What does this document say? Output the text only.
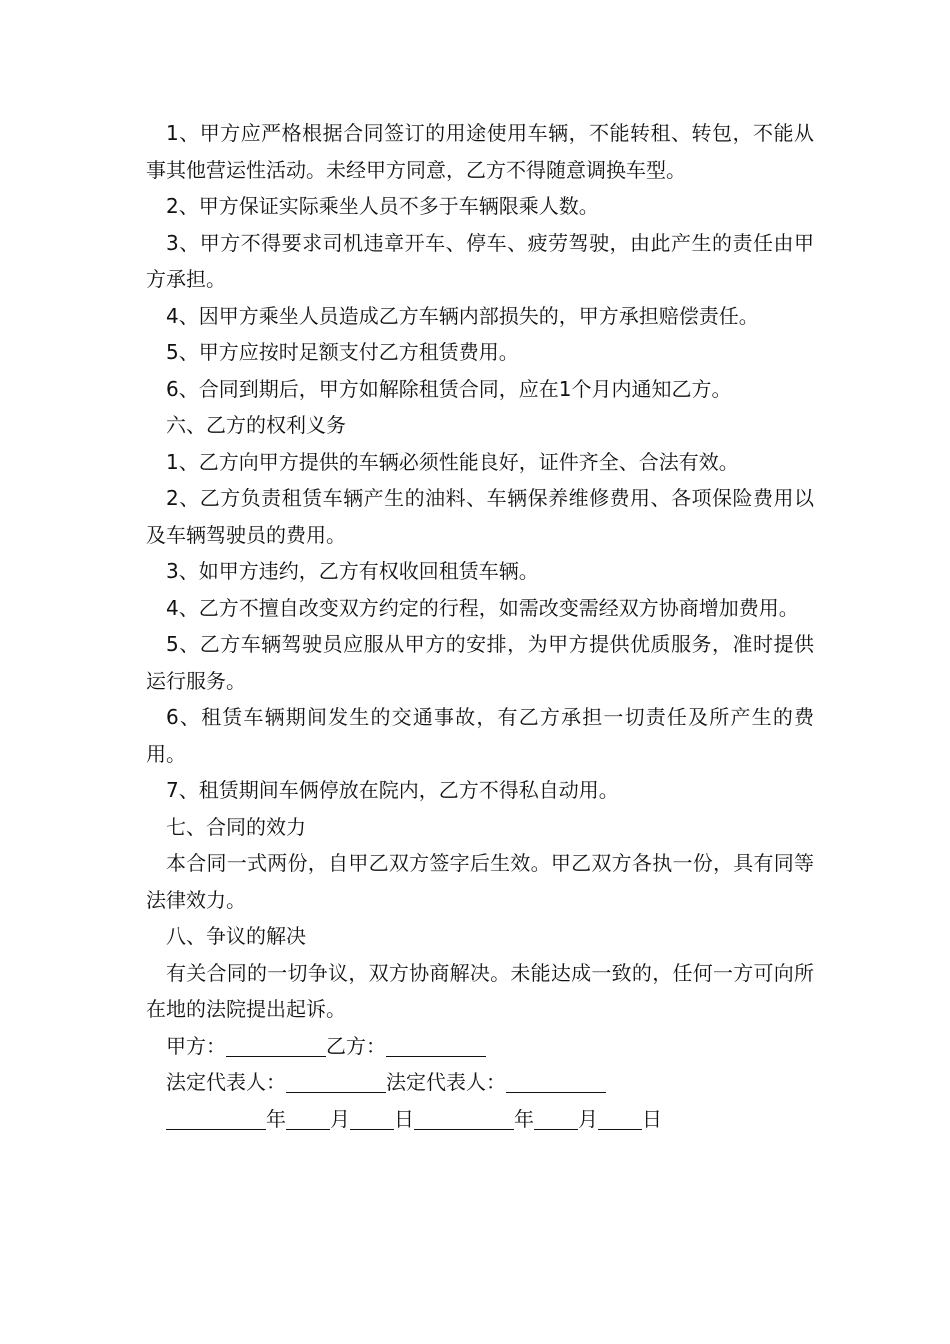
1、甲方应严格根据合同签订的用途使用车辆，不能转租、转包，不能从事其他营运性活动。未经甲方同意，乙方不得随意调换车型。

2、甲方保证实际乘坐人员不多于车辆限乘人数。

3、甲方不得要求司机违章开车、停车、疲劳驾驶，由此产生的责任由甲方承担。

4、因甲方乘坐人员造成乙方车辆内部损失的，甲方承担赔偿责任。

5、甲方应按时足额支付乙方租赁费用。

6、合同到期后，甲方如解除租赁合同，应在1个月内通知乙方。

六、乙方的权利义务

1、乙方向甲方提供的车辆必须性能良好，证件齐全、合法有效。

2、乙方负责租赁车辆产生的油料、车辆保养维修费用、各项保险费用以及车辆驾驶员的费用。

3、如甲方违约，乙方有权收回租赁车辆。

4、乙方不擅自改变双方约定的行程，如需改变需经双方协商增加费用。

5、乙方车辆驾驶员应服从甲方的安排，为甲方提供优质服务，准时提供运行服务。

6、租赁车辆期间发生的交通事故，有乙方承担一切责任及所产生的费用。

7、租赁期间车俩停放在院内，乙方不得私自动用。

七、合同的效力

本合同一式两份，自甲乙双方签字后生效。甲乙双方各执一份，具有同等法律效力。

八、争议的解决

有关合同的一切争议，双方协商解决。未能达成一致的，任何一方可向所在地的法院提出起诉。

甲方：	乙方：

法定代表人：	法定代表人：

年 月 日	年 月 日
